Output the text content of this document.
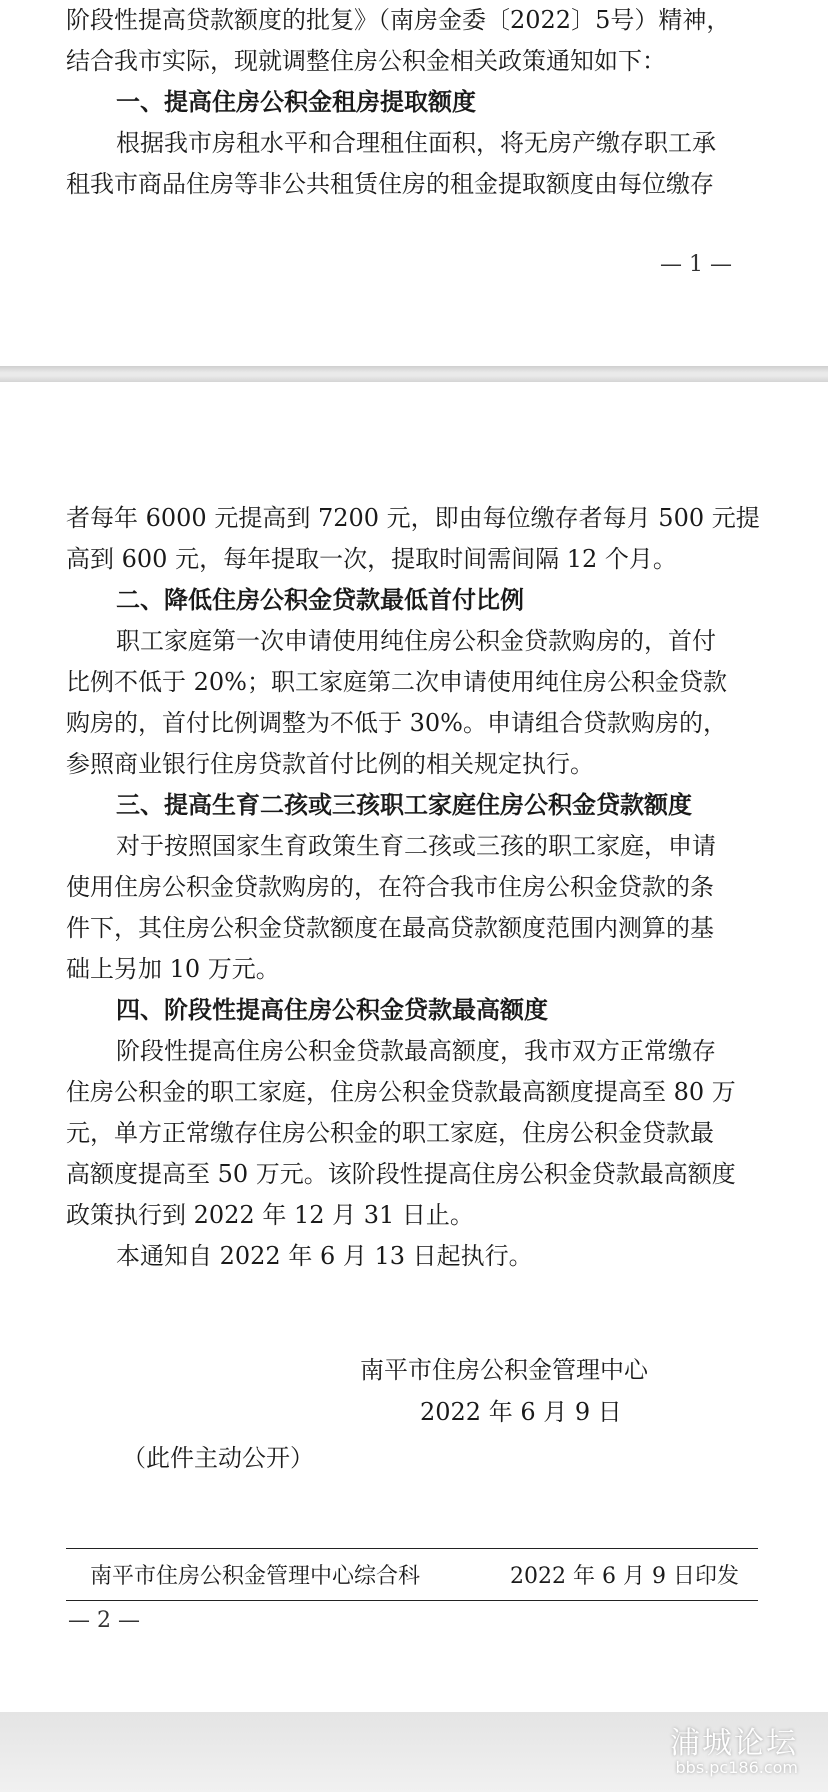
阶段性提高贷款额度的批复》（南房金委〔2022〕5号）精神，
结合我市实际，现就调整住房公积金相关政策通知如下：
一、提高住房公积金租房提取额度
根据我市房租水平和合理租住面积，将无房产缴存职工承
租我市商品住房等非公共租赁住房的租金提取额度由每位缴存
— 1 —
者每年 6000 元提高到 7200 元，即由每位缴存者每月 500 元提
高到 600 元，每年提取一次，提取时间需间隔 12 个月。
二、降低住房公积金贷款最低首付比例
职工家庭第一次申请使用纯住房公积金贷款购房的，首付
比例不低于 20%；职工家庭第二次申请使用纯住房公积金贷款
购房的，首付比例调整为不低于 30%。申请组合贷款购房的，
参照商业银行住房贷款首付比例的相关规定执行。
三、提高生育二孩或三孩职工家庭住房公积金贷款额度
对于按照国家生育政策生育二孩或三孩的职工家庭，申请
使用住房公积金贷款购房的，在符合我市住房公积金贷款的条
件下，其住房公积金贷款额度在最高贷款额度范围内测算的基
础上另加 10 万元。
四、阶段性提高住房公积金贷款最高额度
阶段性提高住房公积金贷款最高额度，我市双方正常缴存
住房公积金的职工家庭，住房公积金贷款最高额度提高至 80 万
元，单方正常缴存住房公积金的职工家庭，住房公积金贷款最
高额度提高至 50 万元。该阶段性提高住房公积金贷款最高额度
政策执行到 2022 年 12 月 31 日止。
本通知自 2022 年 6 月 13 日起执行。
南平市住房公积金管理中心
2022 年 6 月 9 日
（此件主动公开）
南平市住房公积金管理中心综合科	2022 年 6 月 9 日印发
— 2 —
浦城论坛
bbs.pc186.com
